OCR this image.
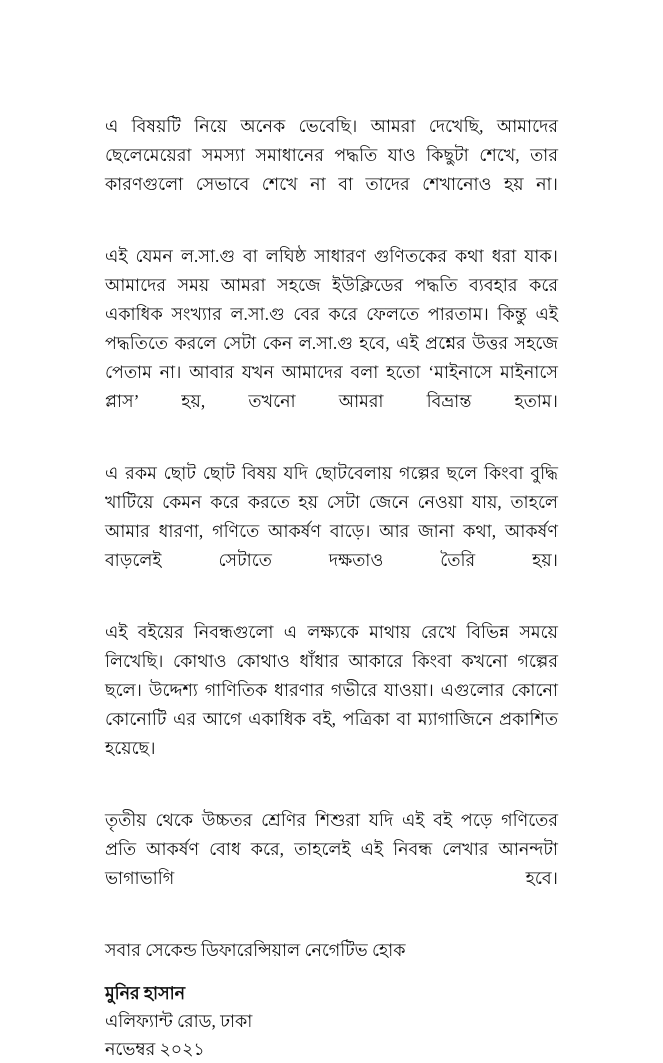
এ বিষয়টি নিয়ে অনেক ভেবেছি। আমরা দেখেছি, আমাদের ছেলেমেয়েরা সমস্যা সমাধানের পদ্ধতি যাও কিছুটা শেখে, তার কারণগুলো সেভাবে শেখে না বা তাদের শেখানোও হয় না।

এই যেমন ল.সা.গু বা লঘিষ্ঠ সাধারণ গুণিতকের কথা ধরা যাক। আমাদের সময় আমরা সহজে ইউক্লিডের পদ্ধতি ব্যবহার করে একাধিক সংখ্যার ল.সা.গু বের করে ফেলতে পারতাম। কিন্তু এই পদ্ধতিতে করলে সেটা কেন ল.সা.গু হবে, এই প্রশ্নের উত্তর সহজে পেতাম না। আবার যখন আমাদের বলা হতো ‘মাইনাসে মাইনাসে প্লাস’ হয়, তখনো আমরা বিভ্রান্ত হতাম।

এ রকম ছোট ছোট বিষয় যদি ছোটবেলায় গল্পের ছলে কিংবা বুদ্ধি খাটিয়ে কেমন করে করতে হয় সেটা জেনে নেওয়া যায়, তাহলে আমার ধারণা, গণিতে আকর্ষণ বাড়ে। আর জানা কথা, আকর্ষণ বাড়লেই সেটাতে দক্ষতাও তৈরি হয়।

এই বইয়ের নিবন্ধগুলো এ লক্ষ্যকে মাথায় রেখে বিভিন্ন সময়ে লিখেছি। কোথাও কোথাও ধাঁধার আকারে কিংবা কখনো গল্পের ছলে। উদ্দেশ্য গাণিতিক ধারণার গভীরে যাওয়া। এগুলোর কোনো কোনোটি এর আগে একাধিক বই, পত্রিকা বা ম্যাগাজিনে প্রকাশিত হয়েছে।

তৃতীয় থেকে উচ্চতর শ্রেণির শিশুরা যদি এই বই পড়ে গণিতের প্রতি আকর্ষণ বোধ করে, তাহলেই এই নিবন্ধ লেখার আনন্দটা ভাগাভাগি হবে।

সবার সেকেন্ড ডিফারেন্সিয়াল নেগেটিভ হোক

মুনির হাসান

এলিফ্যান্ট রোড, ঢাকা

নভেম্বর ২০২১
